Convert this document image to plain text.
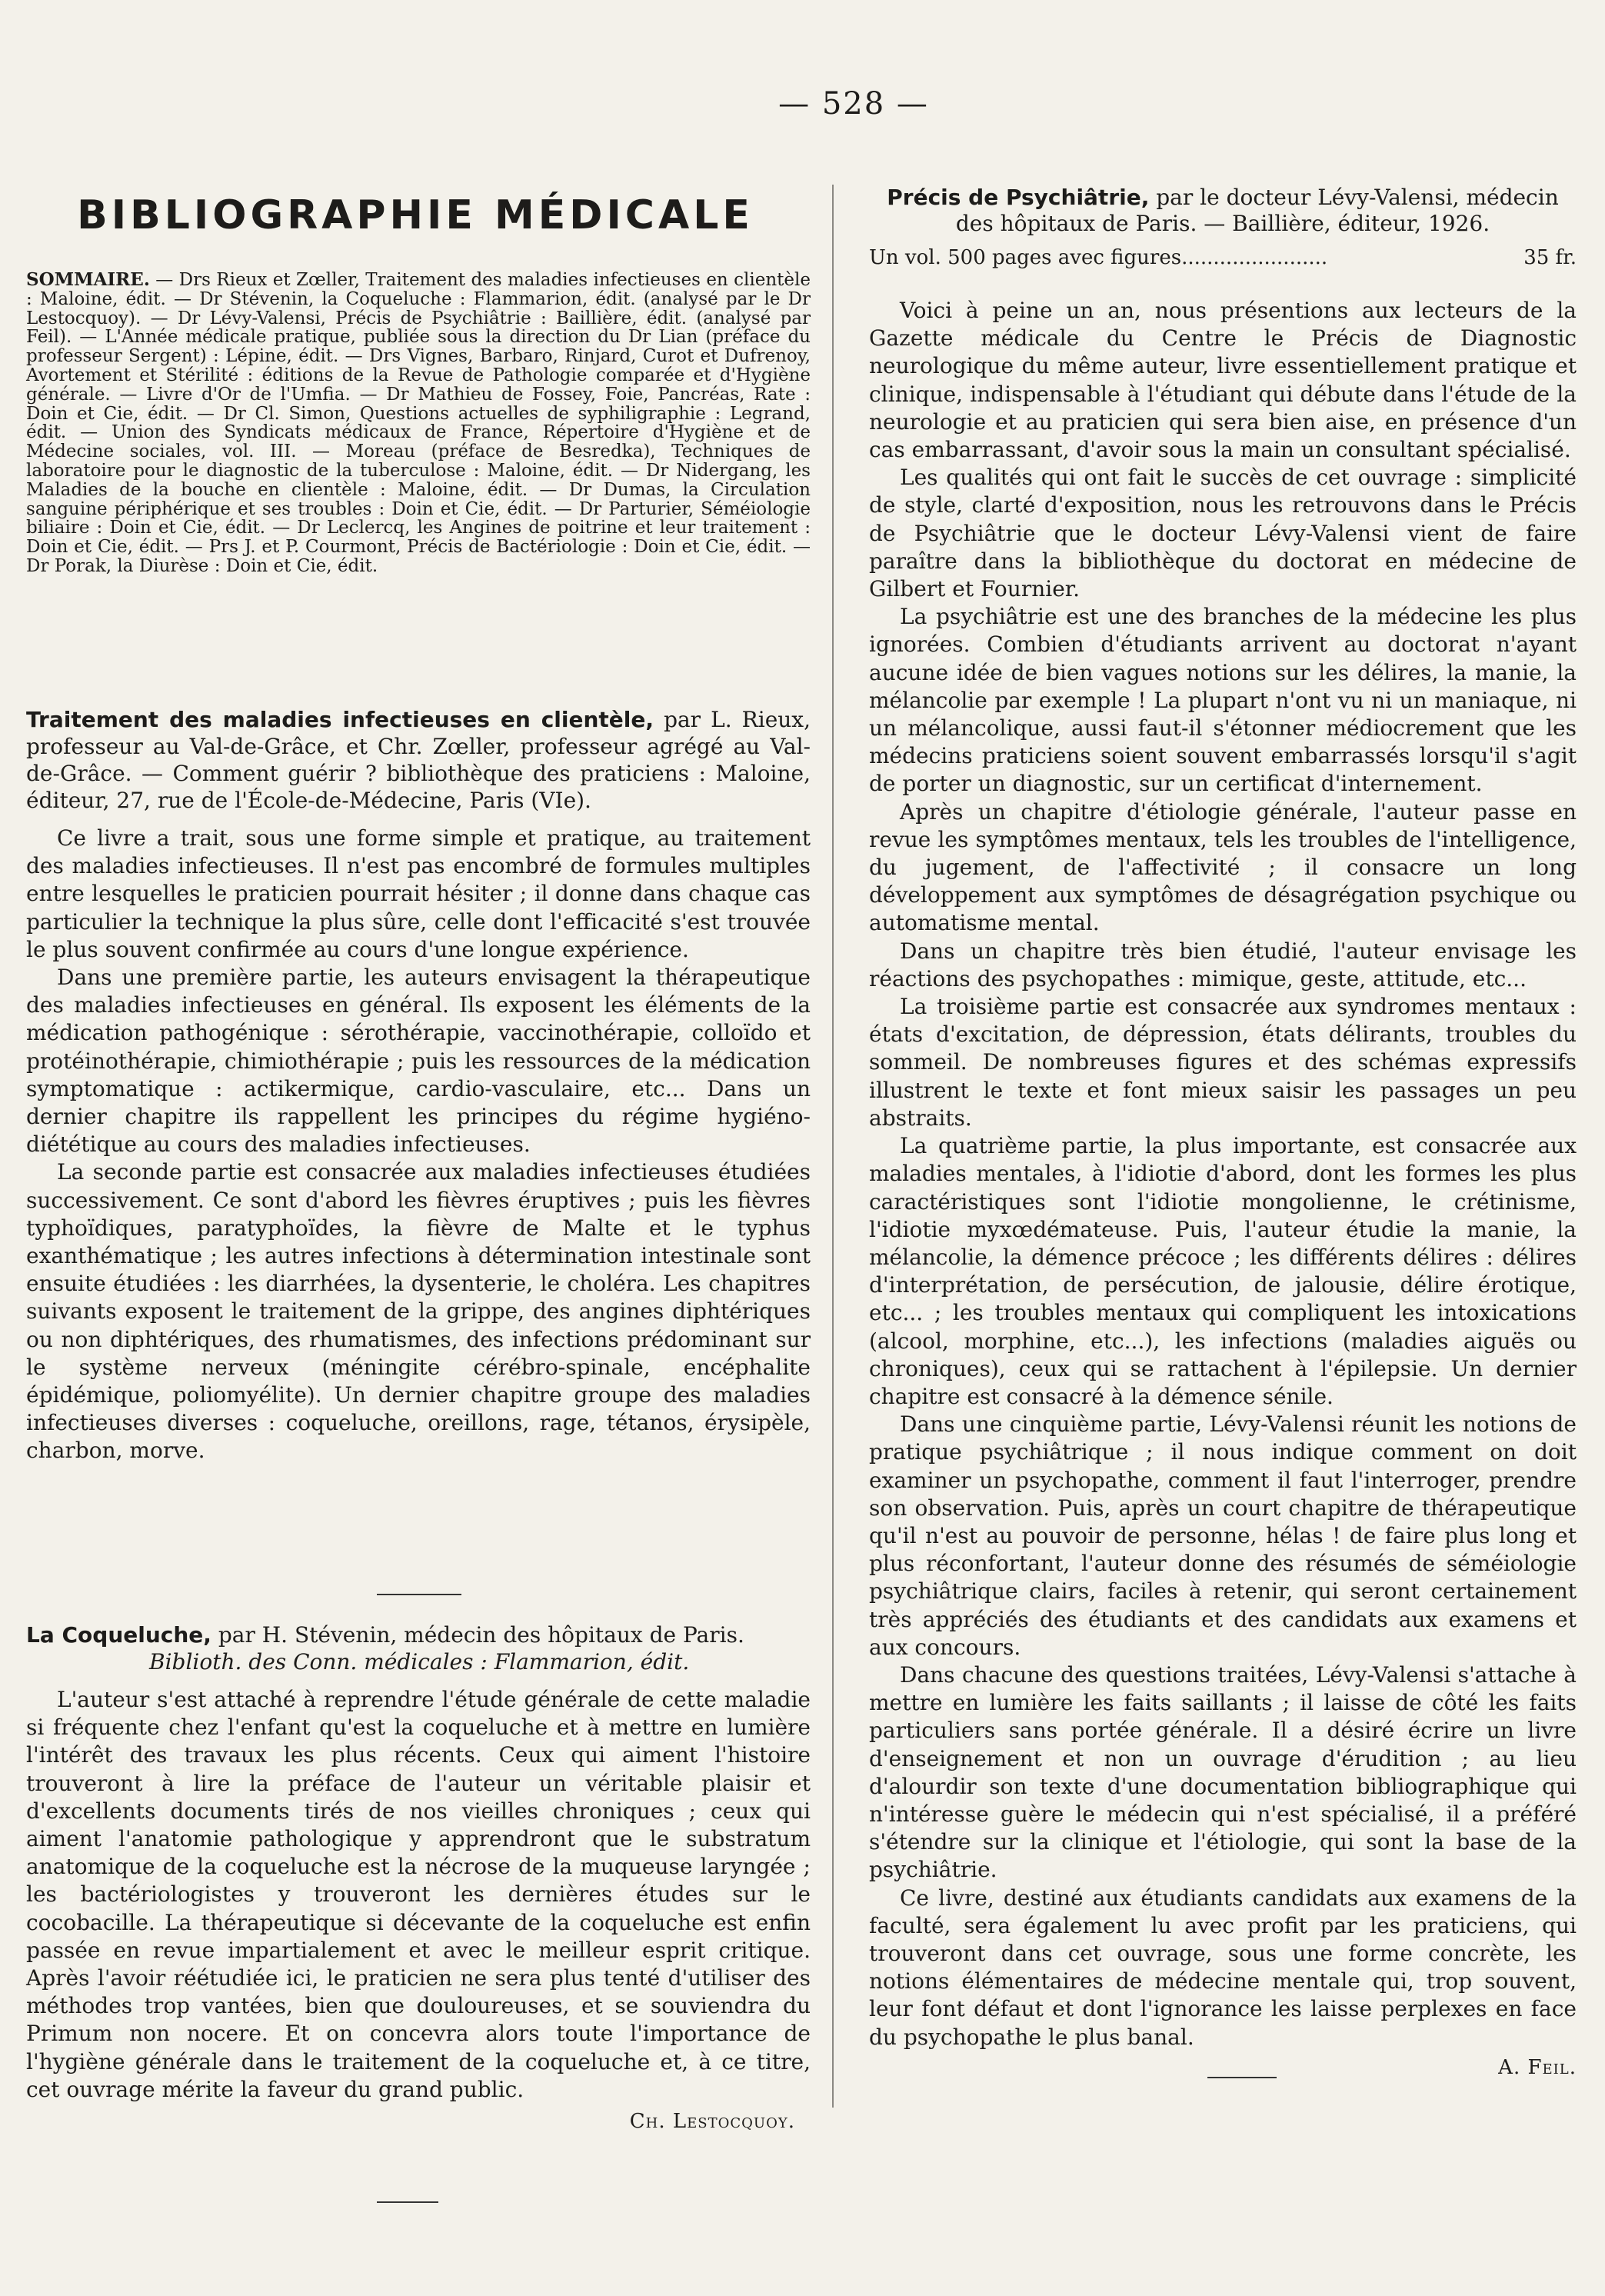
— 528 —
BIBLIOGRAPHIE MÉDICALE
SOMMAIRE. — Drs Rieux et Zœller, Traitement des maladies infectieuses en clientèle : Maloine, édit. — Dr Stévenin, la Coqueluche : Flammarion, édit. (analysé par le Dr Lestocquoy). — Dr Lévy-Valensi, Précis de Psychiâtrie : Baillière, édit. (analysé par Feil). — L'Année médicale pratique, publiée sous la direction du Dr Lian (préface du professeur Sergent) : Lépine, édit. — Drs Vignes, Barbaro, Rinjard, Curot et Dufrenoy, Avortement et Stérilité : éditions de la Revue de Pathologie comparée et d'Hygiène générale. — Livre d'Or de l'Umfia. — Dr Mathieu de Fossey, Foie, Pancréas, Rate : Doin et Cie, édit. — Dr Cl. Simon, Questions actuelles de syphiligraphie : Legrand, édit. — Union des Syndicats médicaux de France, Répertoire d'Hygiène et de Médecine sociales, vol. III. — Moreau (préface de Besredka), Techniques de laboratoire pour le diagnostic de la tuberculose : Maloine, édit. — Dr Nidergang, les Maladies de la bouche en clientèle : Maloine, édit. — Dr Dumas, la Circulation sanguine périphérique et ses troubles : Doin et Cie, édit. — Dr Parturier, Séméiologie biliaire : Doin et Cie, édit. — Dr Leclercq, les Angines de poitrine et leur traitement : Doin et Cie, édit. — Prs J. et P. Courmont, Précis de Bactériologie : Doin et Cie, édit. — Dr Porak, la Diurèse : Doin et Cie, édit.
Traitement des maladies infectieuses en clientèle, par L. Rieux, professeur au Val-de-Grâce, et Chr. Zœller, professeur agrégé au Val-de-Grâce. — Comment guérir ? bibliothèque des praticiens : Maloine, éditeur, 27, rue de l'École-de-Médecine, Paris (VIe).

Ce livre a trait, sous une forme simple et pratique, au traitement des maladies infectieuses. Il n'est pas encombré de formules multiples entre lesquelles le praticien pourrait hésiter ; il donne dans chaque cas particulier la technique la plus sûre, celle dont l'efficacité s'est trouvée le plus souvent confirmée au cours d'une longue expérience.

Dans une première partie, les auteurs envisagent la thérapeutique des maladies infectieuses en général. Ils exposent les éléments de la médication pathogénique : sérothérapie, vaccinothérapie, colloïdo et protéinothérapie, chimiothérapie ; puis les ressources de la médication symptomatique : actikermique, cardio-vasculaire, etc... Dans un dernier chapitre ils rappellent les principes du régime hygiéno-diététique au cours des maladies infectieuses.

La seconde partie est consacrée aux maladies infectieuses étudiées successivement. Ce sont d'abord les fièvres éruptives ; puis les fièvres typhoïdiques, paratyphoïdes, la fièvre de Malte et le typhus exanthématique ; les autres infections à détermination intestinale sont ensuite étudiées : les diarrhées, la dysenterie, le choléra. Les chapitres suivants exposent le traitement de la grippe, des angines diphtériques ou non diphtériques, des rhumatismes, des infections prédominant sur le système nerveux (méningite cérébro-spinale, encéphalite épidémique, poliomyélite). Un dernier chapitre groupe des maladies infectieuses diverses : coqueluche, oreillons, rage, tétanos, érysipèle, charbon, morve.

La Coqueluche, par H. Stévenin, médecin des hôpitaux de Paris.
Biblioth. des Conn. médicales : Flammarion, édit.

L'auteur s'est attaché à reprendre l'étude générale de cette maladie si fréquente chez l'enfant qu'est la coqueluche et à mettre en lumière l'intérêt des travaux les plus récents. Ceux qui aiment l'histoire trouveront à lire la préface de l'auteur un véritable plaisir et d'excellents documents tirés de nos vieilles chroniques ; ceux qui aiment l'anatomie pathologique y apprendront que le substratum anatomique de la coqueluche est la nécrose de la muqueuse laryngée ; les bactériologistes y trouveront les dernières études sur le cocobacille. La thérapeutique si décevante de la coqueluche est enfin passée en revue impartialement et avec le meilleur esprit critique. Après l'avoir réétudiée ici, le praticien ne sera plus tenté d'utiliser des méthodes trop vantées, bien que douloureuses, et se souviendra du Primum non nocere. Et on concevra alors toute l'importance de l'hygiène générale dans le traitement de la coqueluche et, à ce titre, cet ouvrage mérite la faveur du grand public.

Ch. Lestocquoy.
Précis de Psychiâtrie, par le docteur Lévy-Valensi, médecin des hôpitaux de Paris. — Baillière, éditeur, 1926.
Un vol. 500 pages avec figures.......................	35 fr.

Voici à peine un an, nous présentions aux lecteurs de la Gazette médicale du Centre le Précis de Diagnostic neurologique du même auteur, livre essentiellement pratique et clinique, indispensable à l'étudiant qui débute dans l'étude de la neurologie et au praticien qui sera bien aise, en présence d'un cas embarrassant, d'avoir sous la main un consultant spécialisé.

Les qualités qui ont fait le succès de cet ouvrage : simplicité de style, clarté d'exposition, nous les retrouvons dans le Précis de Psychiâtrie que le docteur Lévy-Valensi vient de faire paraître dans la bibliothèque du doctorat en médecine de Gilbert et Fournier.

La psychiâtrie est une des branches de la médecine les plus ignorées. Combien d'étudiants arrivent au doctorat n'ayant aucune idée de bien vagues notions sur les délires, la manie, la mélancolie par exemple ! La plupart n'ont vu ni un maniaque, ni un mélancolique, aussi faut-il s'étonner médiocrement que les médecins praticiens soient souvent embarrassés lorsqu'il s'agit de porter un diagnostic, sur un certificat d'internement.

Après un chapitre d'étiologie générale, l'auteur passe en revue les symptômes mentaux, tels les troubles de l'intelligence, du jugement, de l'affectivité ; il consacre un long développement aux symptômes de désagrégation psychique ou automatisme mental.

Dans un chapitre très bien étudié, l'auteur envisage les réactions des psychopathes : mimique, geste, attitude, etc...

La troisième partie est consacrée aux syndromes mentaux : états d'excitation, de dépression, états délirants, troubles du sommeil. De nombreuses figures et des schémas expressifs illustrent le texte et font mieux saisir les passages un peu abstraits.

La quatrième partie, la plus importante, est consacrée aux maladies mentales, à l'idiotie d'abord, dont les formes les plus caractéristiques sont l'idiotie mongolienne, le crétinisme, l'idiotie myxœdémateuse. Puis, l'auteur étudie la manie, la mélancolie, la démence précoce ; les différents délires : délires d'interprétation, de persécution, de jalousie, délire érotique, etc... ; les troubles mentaux qui compliquent les intoxications (alcool, morphine, etc...), les infections (maladies aiguës ou chroniques), ceux qui se rattachent à l'épilepsie. Un dernier chapitre est consacré à la démence sénile.

Dans une cinquième partie, Lévy-Valensi réunit les notions de pratique psychiâtrique ; il nous indique comment on doit examiner un psychopathe, comment il faut l'interroger, prendre son observation. Puis, après un court chapitre de thérapeutique qu'il n'est au pouvoir de personne, hélas ! de faire plus long et plus réconfortant, l'auteur donne des résumés de séméiologie psychiâtrique clairs, faciles à retenir, qui seront certainement très appréciés des étudiants et des candidats aux examens et aux concours.

Dans chacune des questions traitées, Lévy-Valensi s'attache à mettre en lumière les faits saillants ; il laisse de côté les faits particuliers sans portée générale. Il a désiré écrire un livre d'enseignement et non un ouvrage d'érudition ; au lieu d'alourdir son texte d'une documentation bibliographique qui n'intéresse guère le médecin qui n'est spécialisé, il a préféré s'étendre sur la clinique et l'étiologie, qui sont la base de la psychiâtrie.

Ce livre, destiné aux étudiants candidats aux examens de la faculté, sera également lu avec profit par les praticiens, qui trouveront dans cet ouvrage, sous une forme concrète, les notions élémentaires de médecine mentale qui, trop souvent, leur font défaut et dont l'ignorance les laisse perplexes en face du psychopathe le plus banal.

A. Feil.
